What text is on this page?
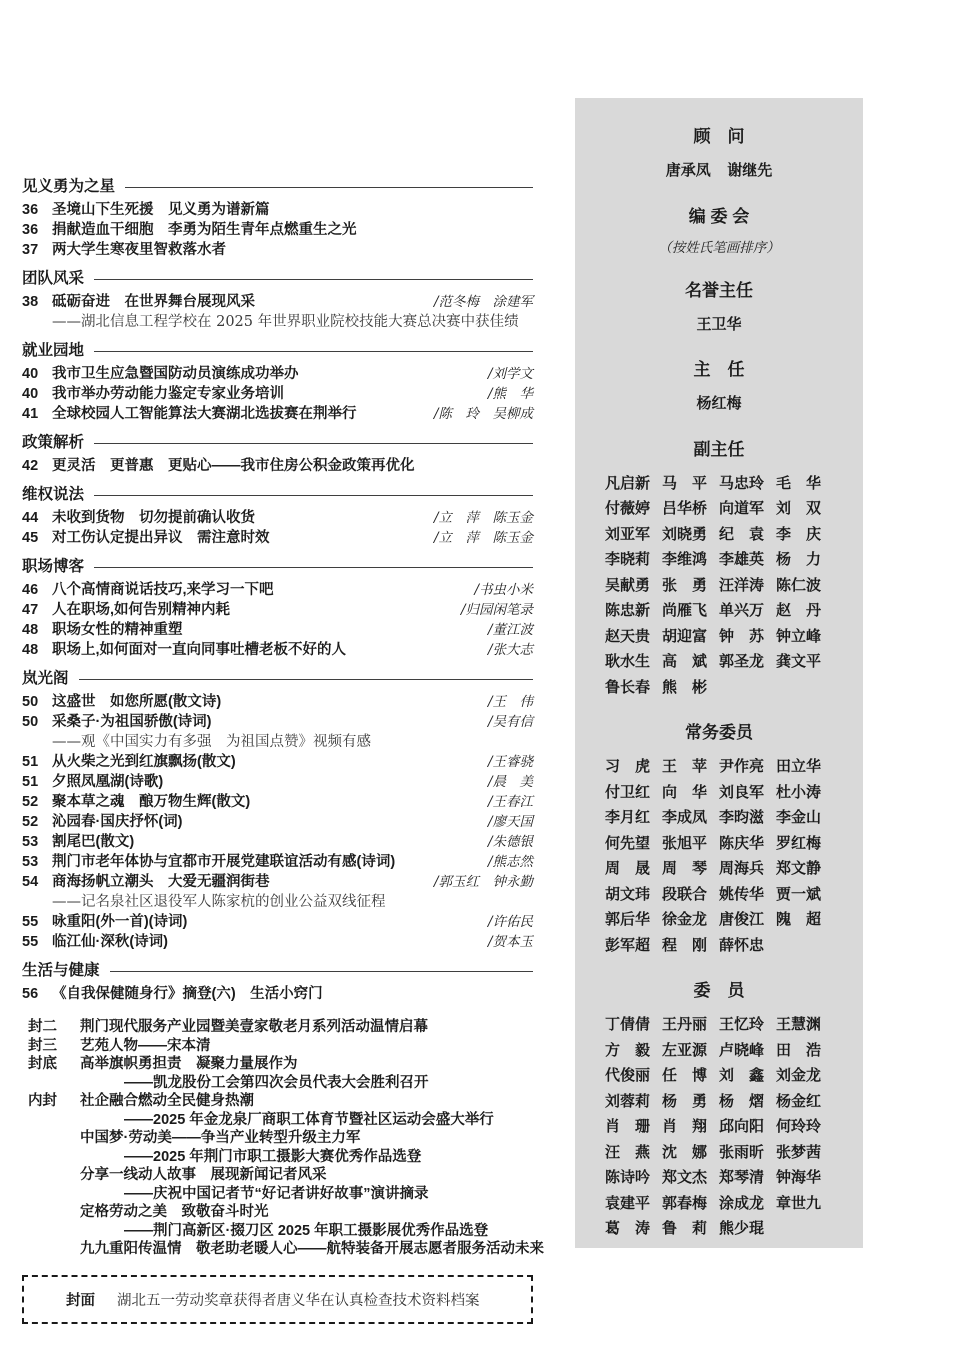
见义勇为之星
36 圣境山下生死援　见义勇为谱新篇
36 捐献造血干细胞　李勇为陌生青年点燃重生之光
37 两大学生寒夜里智救落水者
团队风采
38 砥砺奋进　在世界舞台展现风采	/范冬梅　涂建军
——湖北信息工程学校在 2025 年世界职业院校技能大赛总决赛中获佳绩
就业园地
40 我市卫生应急暨国防动员演练成功举办	/刘学文
40 我市举办劳动能力鉴定专家业务培训	/熊　华
41 全球校园人工智能算法大赛湖北选拔赛在荆举行	/陈　玲　吴柳成
政策解析
42 更灵活　更普惠　更贴心——我市住房公积金政策再优化
维权说法
44 未收到货物　切勿提前确认收货	/立　萍　陈玉金
45 对工伤认定提出异议　需注意时效	/立　萍　陈玉金
职场博客
46 八个高情商说话技巧,来学习一下吧	/书虫小米
47 人在职场,如何告别精神内耗	/归园闲笔录
48 职场女性的精神重塑	/董江波
48 职场上,如何面对一直向同事吐槽老板不好的人	/张大志
岚光阁
50 这盛世　如您所愿(散文诗)	/王　伟
50 采桑子·为祖国骄傲(诗词)	/吴有信
——观《中国实力有多强　为祖国点赞》视频有感
51 从火柴之光到红旗飘扬(散文)	/王睿骁
51 夕照凤凰湖(诗歌)	/晨　美
52 聚本草之魂　酿万物生辉(散文)	/王春江
52 沁园春·国庆抒怀(词)	/廖天国
53 割尾巴(散文)	/朱德银
53 荆门市老年体协与宜都市开展党建联谊活动有感(诗词)	/熊志然
54 商海扬帆立潮头　大爱无疆润街巷	/郭玉红　钟永勤
——记名泉社区退役军人陈家杭的创业公益双线征程
55 咏重阳(外一首)(诗词)	/许佑民
55 临江仙·深秋(诗词)	/贺本玉
生活与健康
56 《自我保健随身行》摘登(六)　生活小窍门
封二	荆门现代服务产业园暨美壹家敬老月系列活动温情启幕
封三	艺苑人物——宋本清
封底	高举旗帜勇担责　凝聚力量展作为
——凯龙股份工会第四次会员代表大会胜利召开
内封	社企融合燃动全民健身热潮
——2025 年金龙泉厂商职工体育节暨社区运动会盛大举行
中国梦·劳动美——争当产业转型升级主力军
——2025 年荆门市职工摄影大赛优秀作品选登
分享一线动人故事　展现新闻记者风采
——庆祝中国记者节“好记者讲好故事”演讲摘录
定格劳动之美　致敬奋斗时光
——荆门高新区·掇刀区 2025 年职工摄影展优秀作品选登
九九重阳传温情　敬老助老暖人心——航特装备开展志愿者服务活动未来
封面 湖北五一劳动奖章获得者唐义华在认真检查技术资料档案
顾　问
唐承凤 谢继先
编 委 会
（按姓氏笔画排序）
名誉主任
王卫华
主　任
杨红梅
副主任
凡启新 马　平 马忠玲 毛　华
付薇婷 吕华桥 向道军 刘　双
刘亚军 刘晓勇 纪　袁 李　庆
李晓莉 李维鸿 李雄英 杨　力
吴献勇 张　勇 汪洋涛 陈仁波
陈忠新 尚雁飞 单兴万 赵　丹
赵天贵 胡迎富 钟　苏 钟立峰
耿水生 高　斌 郭圣龙 龚文平
鲁长春 熊　彬
常务委员
习　虎 王　苹 尹作亮 田立华
付卫红 向　华 刘良军 杜小涛
李月红 李成凤 李昀滋 李金山
何先望 张旭平 陈庆华 罗红梅
周　晟 周　琴 周海兵 郑文静
胡文玮 段联合 姚传华 贾一斌
郭后华 徐金龙 唐俊江 隗　超
彭军超 程　刚 薛怀忠
委　员
丁倩倩 王丹丽 王忆玲 王慧渊
方　毅 左亚源 卢晓峰 田　浩
代俊丽 任　博 刘　鑫 刘金龙
刘蓉莉 杨　勇 杨　熠 杨金红
肖　珊 肖　翔 邱向阳 何玲玲
汪　燕 沈　娜 张雨昕 张梦茜
陈诗吟 郑文杰 郑琴清 钟海华
袁建平 郭春梅 涂成龙 章世九
葛　涛 鲁　莉 熊少琨
